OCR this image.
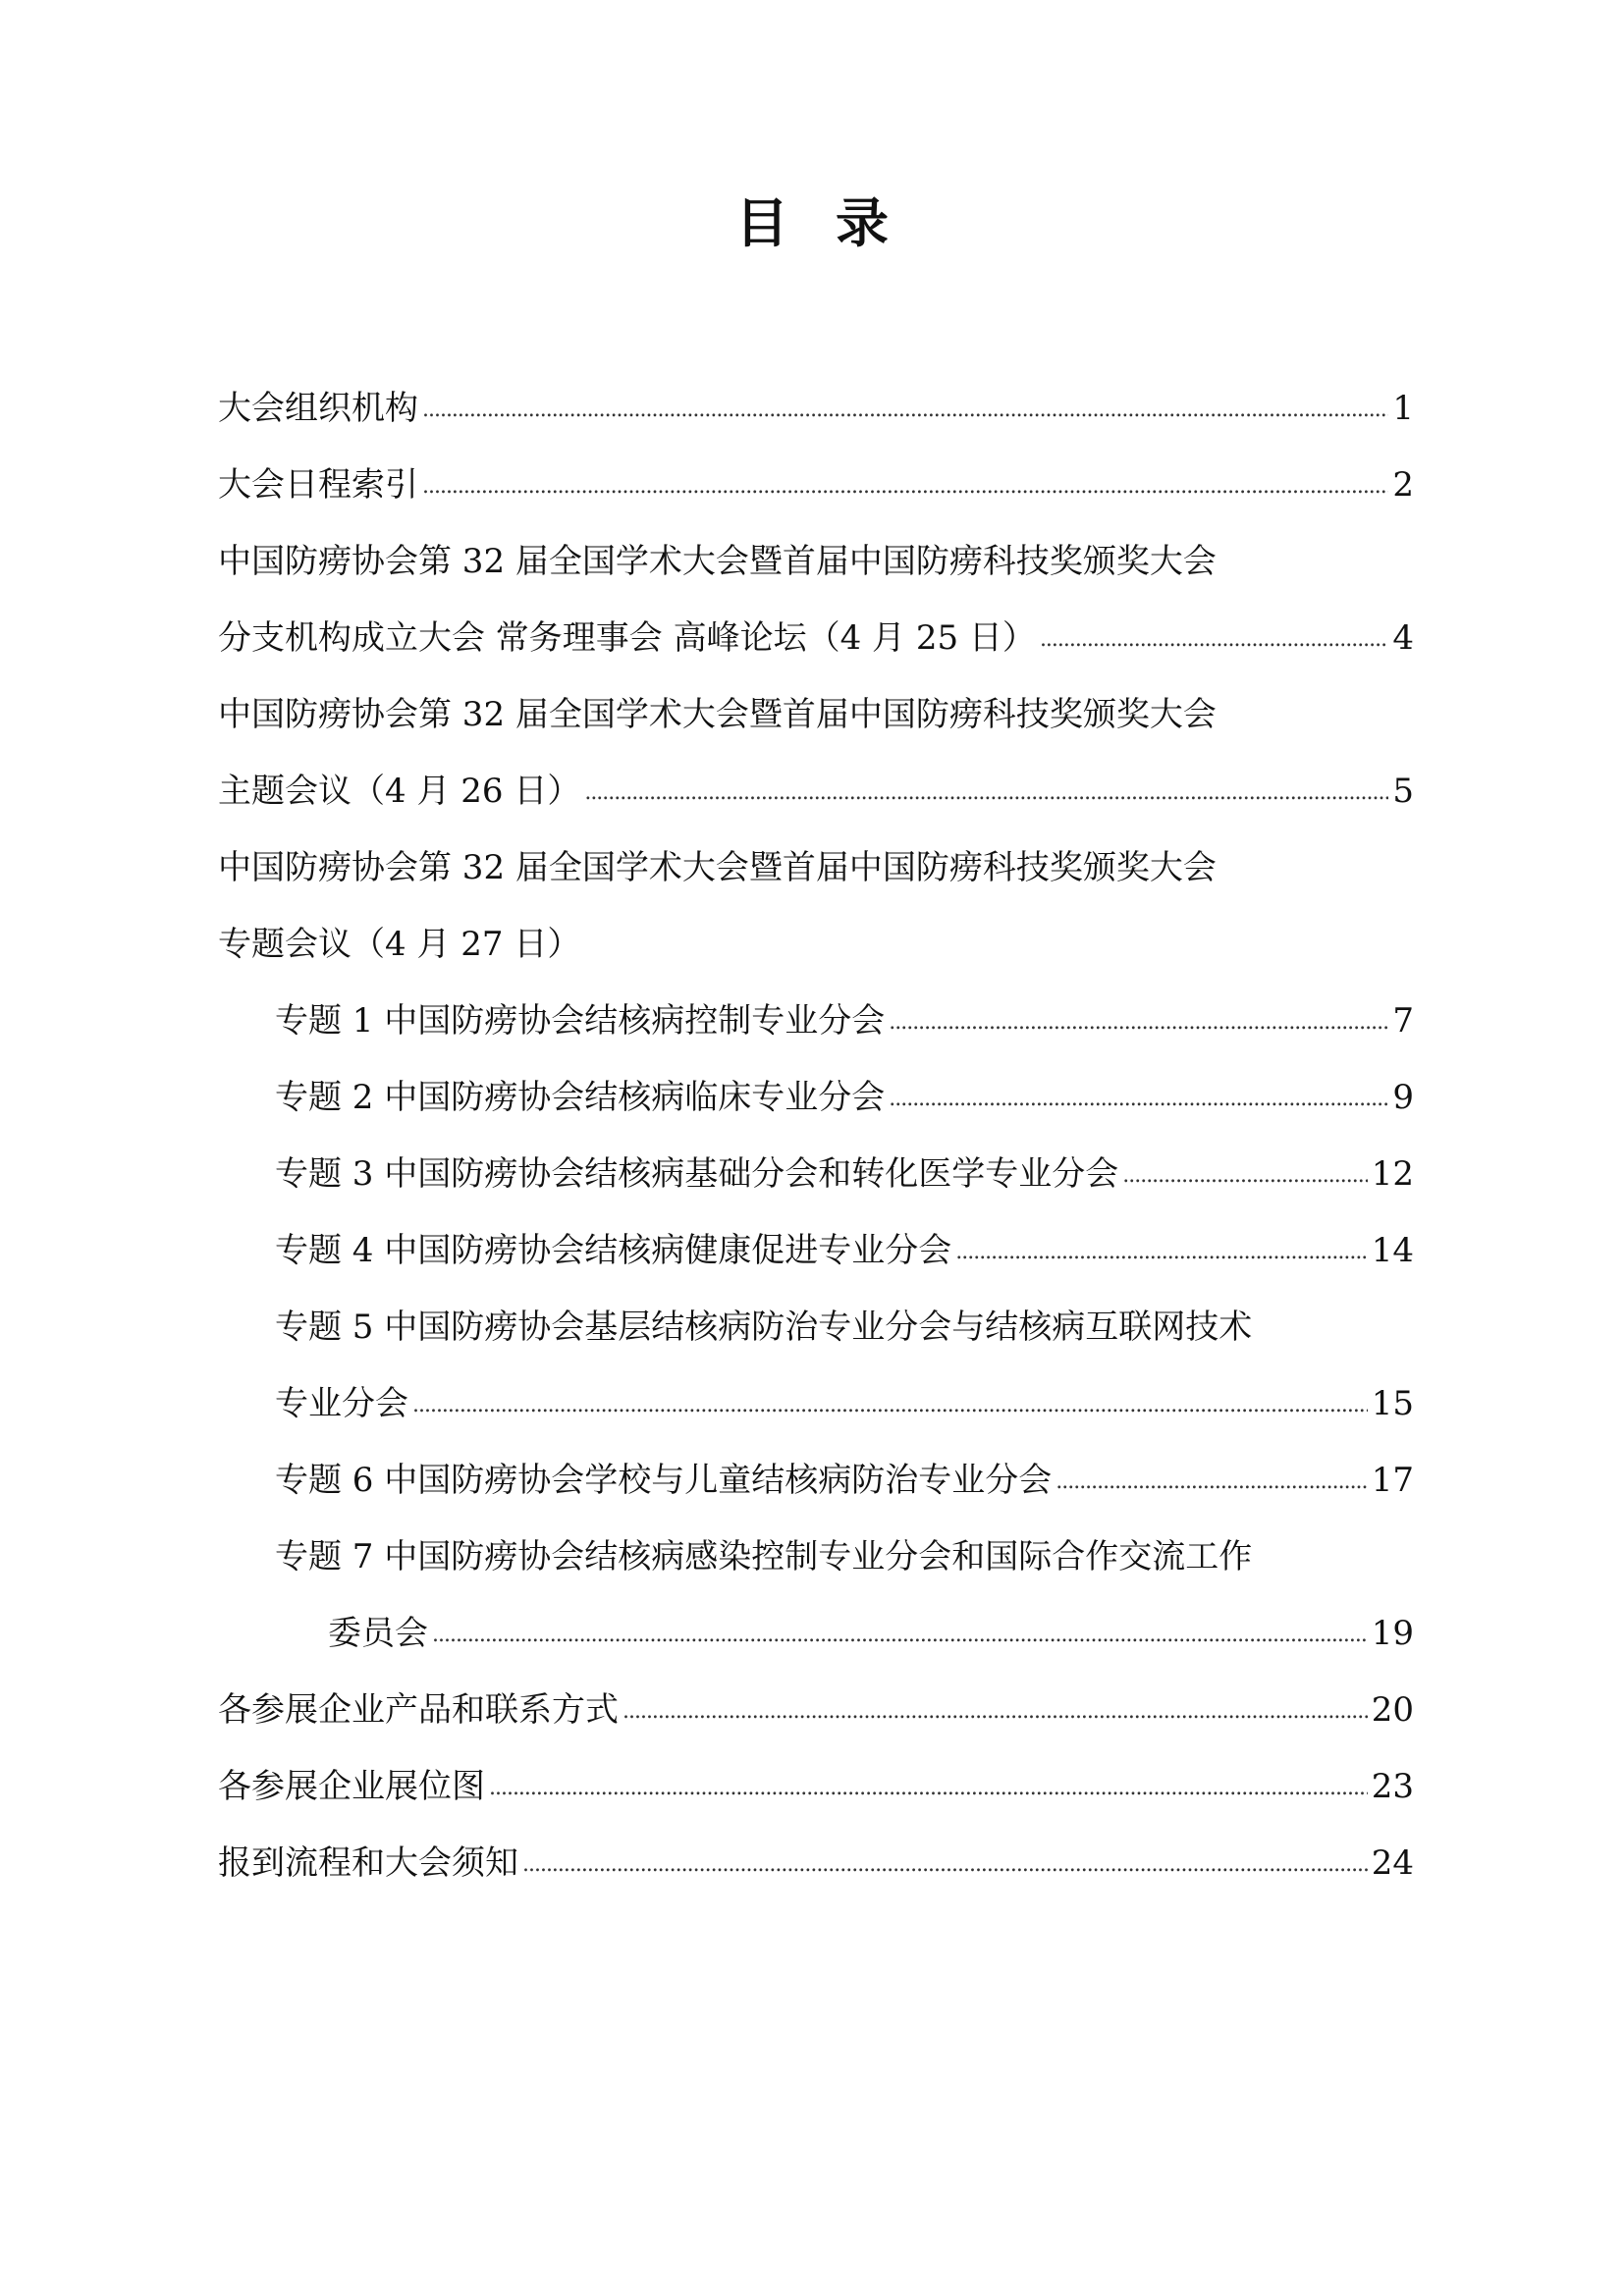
目 录
大会组织机构 . . .	1
大会日程索引 . . .	2
中国防痨协会第 32 届全国学术大会暨首届中国防痨科技奖颁奖大会
分支机构成立大会 常务理事会 高峰论坛（4 月 25 日） . . .	4
中国防痨协会第 32 届全国学术大会暨首届中国防痨科技奖颁奖大会
主题会议（4 月 26 日） . . .	5
中国防痨协会第 32 届全国学术大会暨首届中国防痨科技奖颁奖大会
专题会议（4 月 27 日）
专题 1 中国防痨协会结核病控制专业分会 . . .	7
专题 2 中国防痨协会结核病临床专业分会 . . .	9
专题 3 中国防痨协会结核病基础分会和转化医学专业分会 . . .	12
专题 4 中国防痨协会结核病健康促进专业分会 . . .	14
专题 5 中国防痨协会基层结核病防治专业分会与结核病互联网技术
专业分会 . . .	15
专题 6 中国防痨协会学校与儿童结核病防治专业分会 . . .	17
专题 7 中国防痨协会结核病感染控制专业分会和国际合作交流工作
委员会 . . .	19
各参展企业产品和联系方式 . . .	20
各参展企业展位图 . . .	23
报到流程和大会须知 . . .	24
